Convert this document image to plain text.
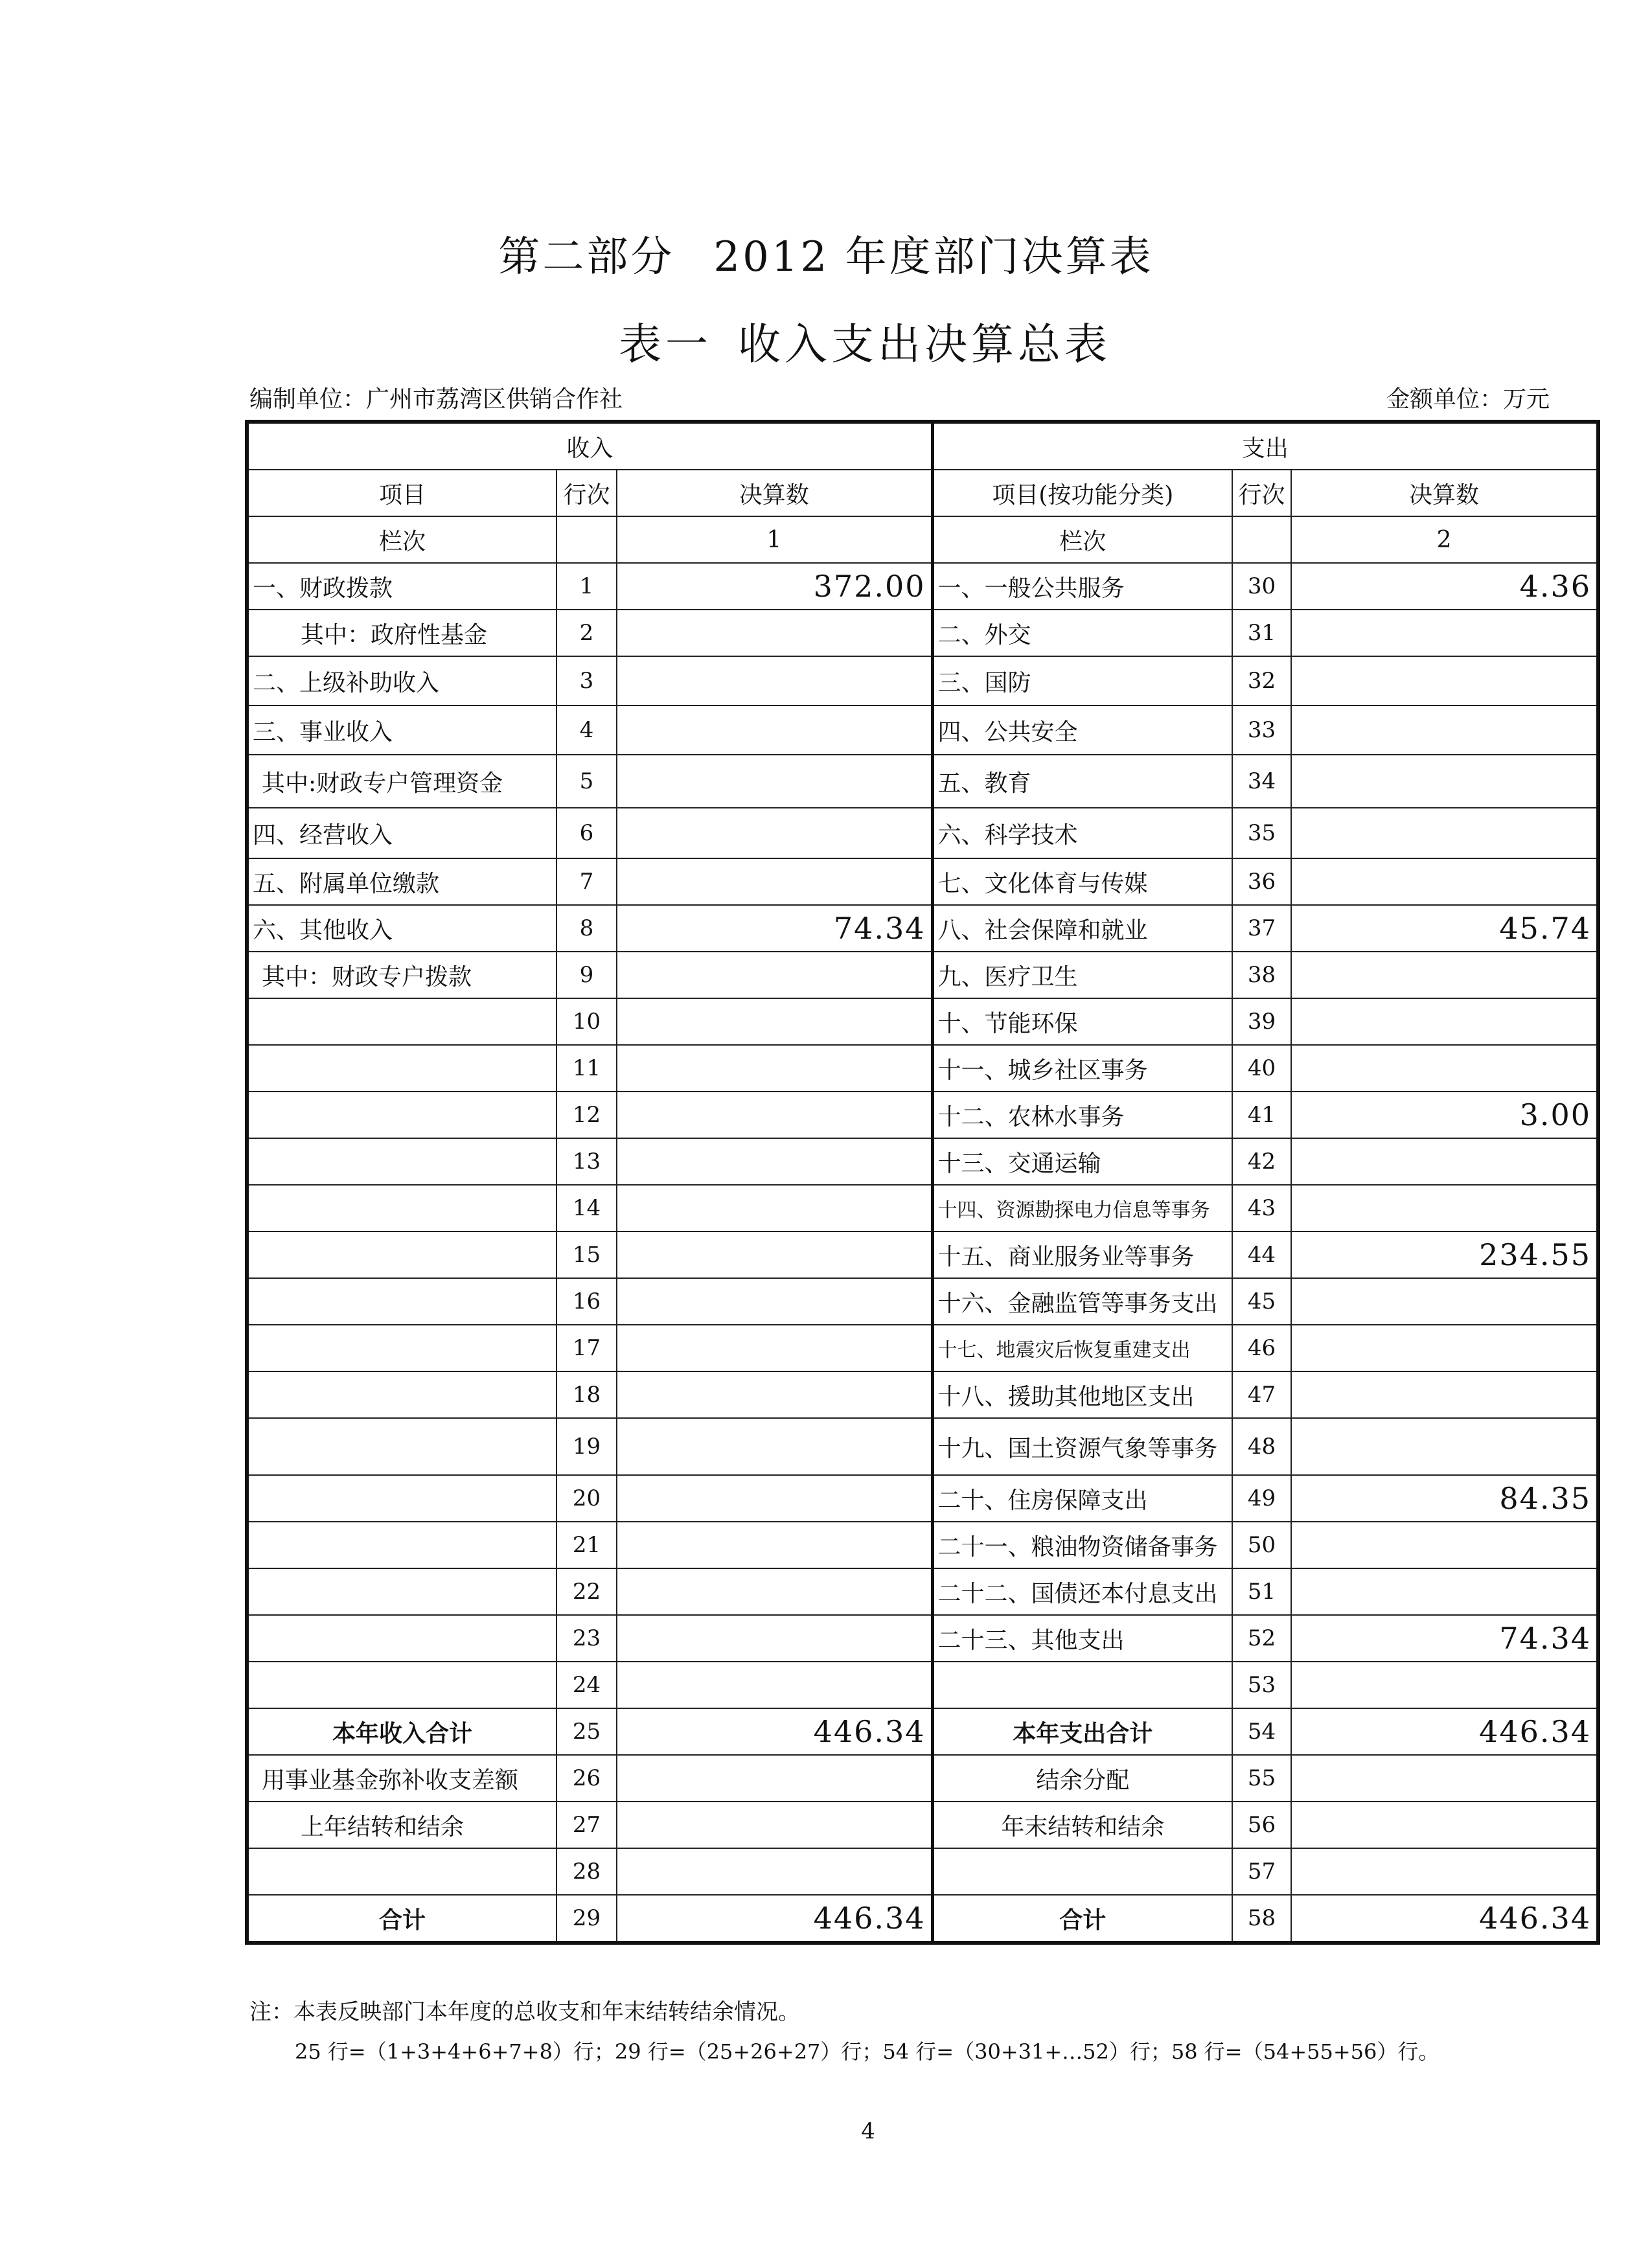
第二部分 2012 年度部门决算表
表一 收入支出决算总表
编制单位：广州市荔湾区供销合作社	金额单位：万元
收入			支出		
项目	行次	决算数	项目(按功能分类)	行次	决算数
栏次		1	栏次		2
一、财政拨款	1	372.00	一、一般公共服务	30	4.36
其中：政府性基金	2		二、外交	31	
二、上级补助收入	3		三、国防	32	
三、事业收入	4		四、公共安全	33	
其中:财政专户管理资金	5		五、教育	34	
四、经营收入	6		六、科学技术	35	
五、附属单位缴款	7		七、文化体育与传媒	36	
六、其他收入	8	74.34	八、社会保障和就业	37	45.74
其中：财政专户拨款	9		九、医疗卫生	38	
	10		十、节能环保	39	
	11		十一、城乡社区事务	40	
	12		十二、农林水事务	41	3.00
	13		十三、交通运输	42	
	14		十四、资源勘探电力信息等事务	43	
	15		十五、商业服务业等事务	44	234.55
	16		十六、金融监管等事务支出	45	
	17		十七、地震灾后恢复重建支出	46	
	18		十八、援助其他地区支出	47	
	19		十九、国土资源气象等事务	48	
	20		二十、住房保障支出	49	84.35
	21		二十一、粮油物资储备事务	50	
	22		二十二、国债还本付息支出	51	
	23		二十三、其他支出	52	74.34
	24			53	
本年收入合计	25	446.34	本年支出合计	54	446.34
用事业基金弥补收支差额	26		结余分配	55	
上年结转和结余	27		年末结转和结余	56	
	28			57	
合计	29	446.34	合计	58	446.34
注：本表反映部门本年度的总收支和年末结转结余情况。
25 行=（1+3+4+6+7+8）行；29 行=（25+26+27）行；54 行=（30+31+…52）行；58 行=（54+55+56）行。
4
